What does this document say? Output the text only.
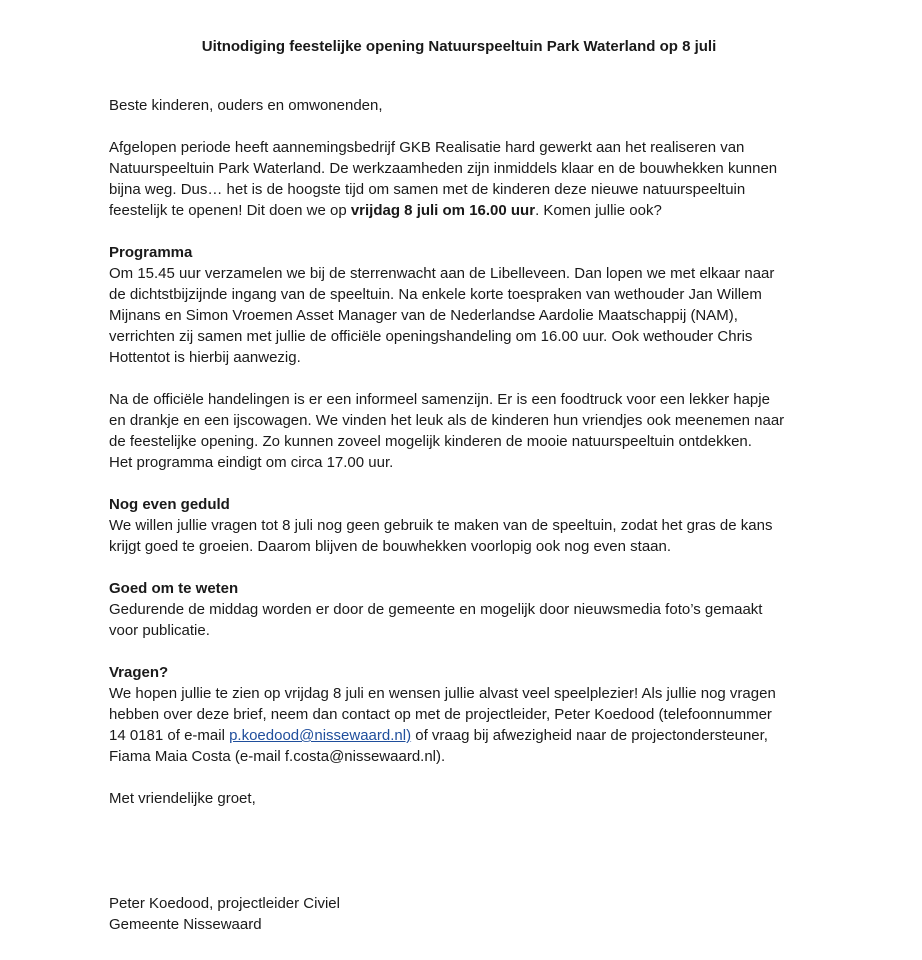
Uitnodiging feestelijke opening Natuurspeeltuin Park Waterland op 8 juli

Beste kinderen, ouders en omwonenden,

Afgelopen periode heeft aannemingsbedrijf GKB Realisatie hard gewerkt aan het realiseren van

Natuurspeeltuin Park Waterland. De werkzaamheden zijn inmiddels klaar en de bouwhekken kunnen

bijna weg. Dus… het is de hoogste tijd om samen met de kinderen deze nieuwe natuurspeeltuin

feestelijk te openen! Dit doen we op vrijdag 8 juli om 16.00 uur. Komen jullie ook?

Programma

Om 15.45 uur verzamelen we bij de sterrenwacht aan de Libelleveen. Dan lopen we met elkaar naar

de dichtstbijzijnde ingang van de speeltuin. Na enkele korte toespraken van wethouder Jan Willem

Mijnans en Simon Vroemen Asset Manager van de Nederlandse Aardolie Maatschappij (NAM),

verrichten zij samen met jullie de officiële openingshandeling om 16.00 uur. Ook wethouder Chris

Hottentot is hierbij aanwezig.

Na de officiële handelingen is er een informeel samenzijn. Er is een foodtruck voor een lekker hapje

en drankje en een ijscowagen. We vinden het leuk als de kinderen hun vriendjes ook meenemen naar

de feestelijke opening. Zo kunnen zoveel mogelijk kinderen de mooie natuurspeeltuin ontdekken.

Het programma eindigt om circa 17.00 uur.

Nog even geduld

We willen jullie vragen tot 8 juli nog geen gebruik te maken van de speeltuin, zodat het gras de kans

krijgt goed te groeien. Daarom blijven de bouwhekken voorlopig ook nog even staan.

Goed om te weten

Gedurende de middag worden er door de gemeente en mogelijk door nieuwsmedia foto’s gemaakt

voor publicatie.

Vragen?

We hopen jullie te zien op vrijdag 8 juli en wensen jullie alvast veel speelplezier! Als jullie nog vragen

hebben over deze brief, neem dan contact op met de projectleider, Peter Koedood (telefoonnummer

14 0181 of e-mail p.koedood@nissewaard.nl) of vraag bij afwezigheid naar de projectondersteuner,

Fiama Maia Costa (e-mail f.costa@nissewaard.nl).

Met vriendelijke groet,

Peter Koedood, projectleider Civiel

Gemeente Nissewaard
